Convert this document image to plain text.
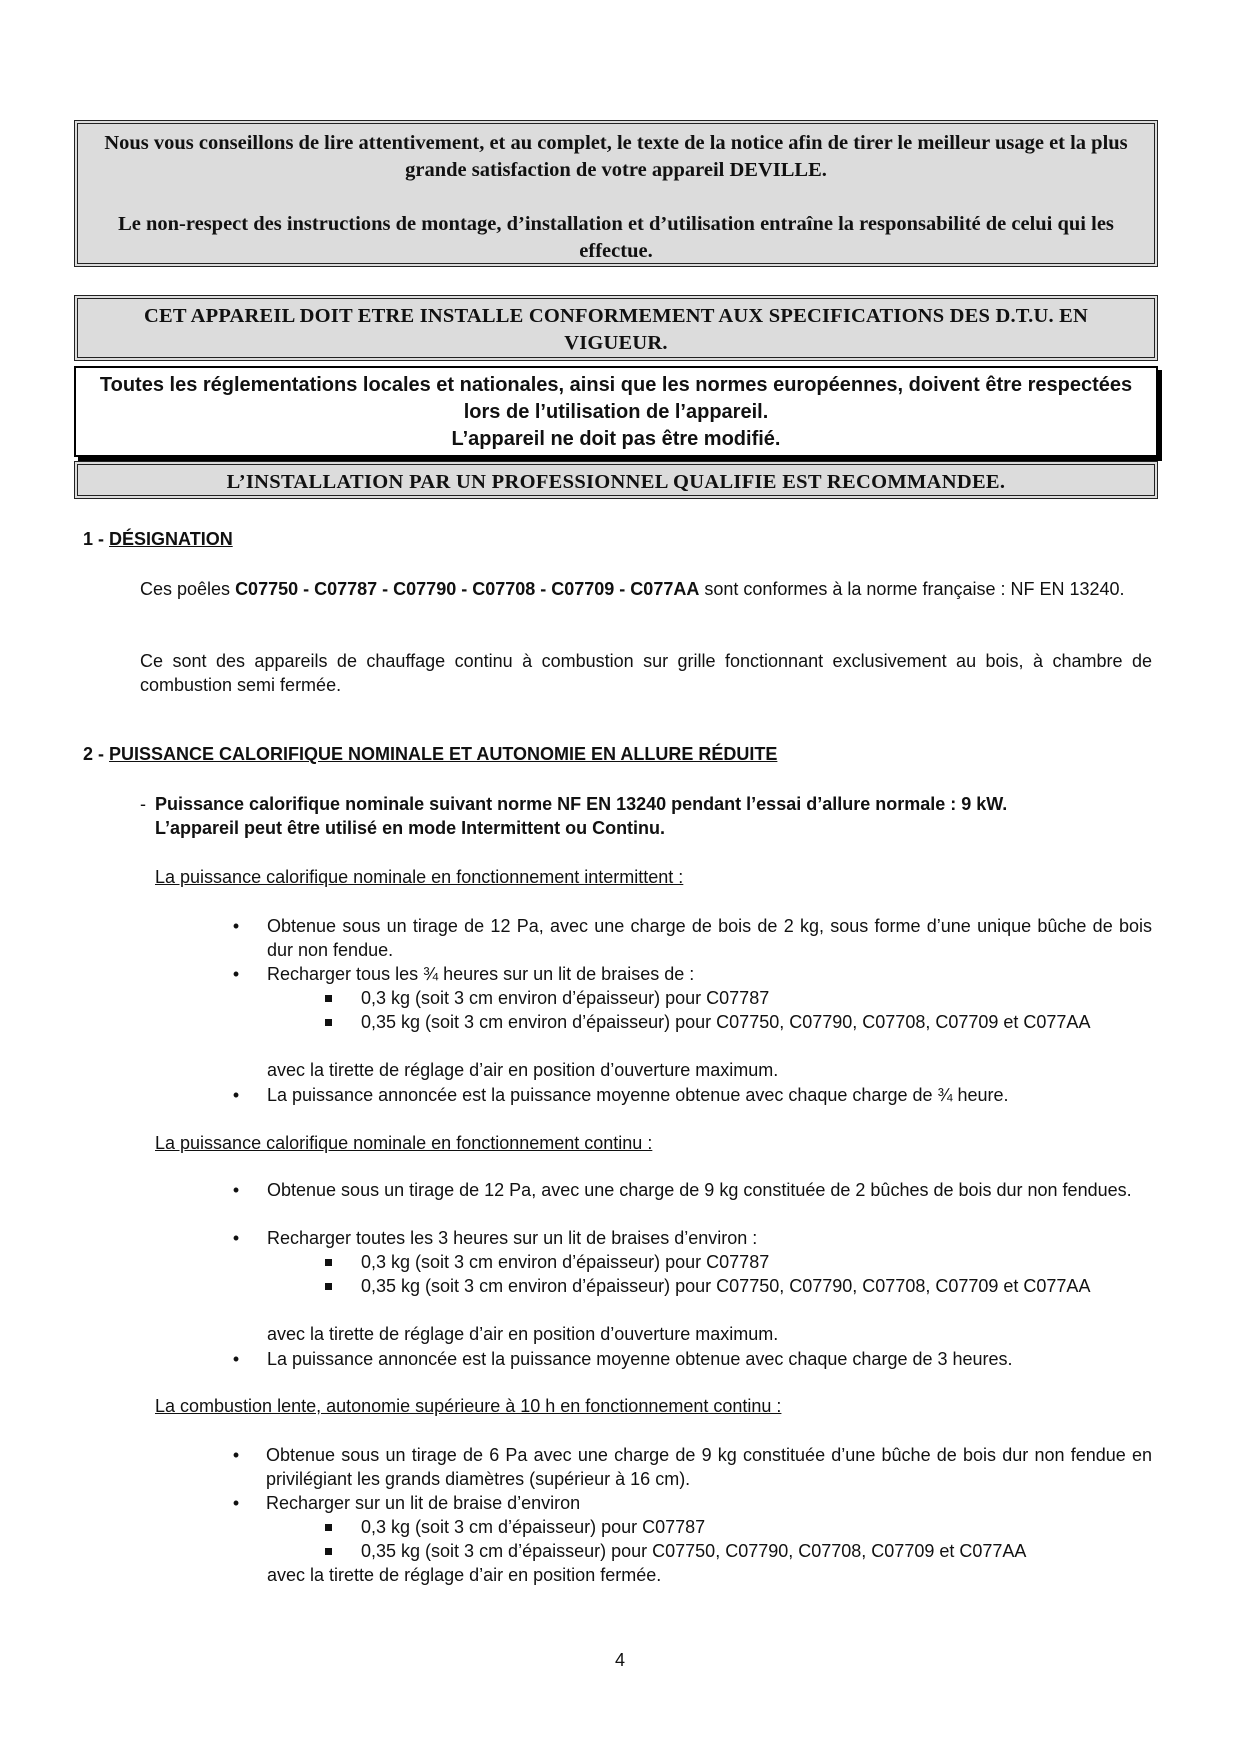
Nous vous conseillons de lire attentivement, et au complet, le texte de la notice afin de tirer le meilleur usage et la plus grande satisfaction de votre appareil DEVILLE.

Le non-respect des instructions de montage, d’installation et d’utilisation entraîne la responsabilité de celui qui les effectue.

CET APPAREIL DOIT ETRE INSTALLE CONFORMEMENT AUX SPECIFICATIONS DES D.T.U. EN VIGUEUR.

Toutes les réglementations locales et nationales, ainsi que les normes européennes, doivent être respectées lors de l’utilisation de l’appareil.

L’appareil ne doit pas être modifié.

L’INSTALLATION PAR UN PROFESSIONNEL QUALIFIE EST RECOMMANDEE.
1 - DÉSIGNATION

Ces poêles C07750 - C07787 - C07790 - C07708 - C07709 - C077AA sont conformes à la norme française : NF EN 13240.

Ce sont des appareils de chauffage continu à combustion sur grille fonctionnant exclusivement au bois, à chambre de combustion semi fermée.

2 - PUISSANCE CALORIFIQUE NOMINALE ET AUTONOMIE EN ALLURE RÉDUITE
- Puissance calorifique nominale suivant norme NF EN 13240 pendant l’essai d’allure normale : 9 kW.
L’appareil peut être utilisé en mode Intermittent ou Continu.
La puissance calorifique nominale en fonctionnement intermittent :
•	Obtenue sous un tirage de 12 Pa, avec une charge de bois de 2 kg, sous forme d’une unique bûche de bois dur non fendue.
•	Recharger tous les ¾ heures sur un lit de braises de :
0,3 kg (soit 3 cm environ d’épaisseur) pour C07787
0,35 kg (soit 3 cm environ d’épaisseur) pour C07750, C07790, C07708, C07709 et C077AA
avec la tirette de réglage d’air en position d’ouverture maximum.
•	La puissance annoncée est la puissance moyenne obtenue avec chaque charge de ¾ heure.
La puissance calorifique nominale en fonctionnement continu :
•	Obtenue sous un tirage de 12 Pa, avec une charge de 9 kg constituée de 2 bûches de bois dur non fendues.
•	Recharger toutes les 3 heures sur un lit de braises d’environ :
0,3 kg (soit 3 cm environ d’épaisseur) pour C07787
0,35 kg (soit 3 cm environ d’épaisseur) pour C07750, C07790, C07708, C07709 et C077AA
avec la tirette de réglage d’air en position d’ouverture maximum.
•	La puissance annoncée est la puissance moyenne obtenue avec chaque charge de 3 heures.
La combustion lente, autonomie supérieure à 10 h en fonctionnement continu :
•	Obtenue sous un tirage de 6 Pa avec une charge de 9 kg constituée d’une bûche de bois dur non fendue en privilégiant les grands diamètres (supérieur à 16 cm).
•	Recharger sur un lit de braise d’environ
0,3 kg (soit 3 cm d’épaisseur) pour C07787
0,35 kg (soit 3 cm d’épaisseur) pour C07750, C07790, C07708, C07709 et C077AA
avec la tirette de réglage d’air en position fermée.
4
